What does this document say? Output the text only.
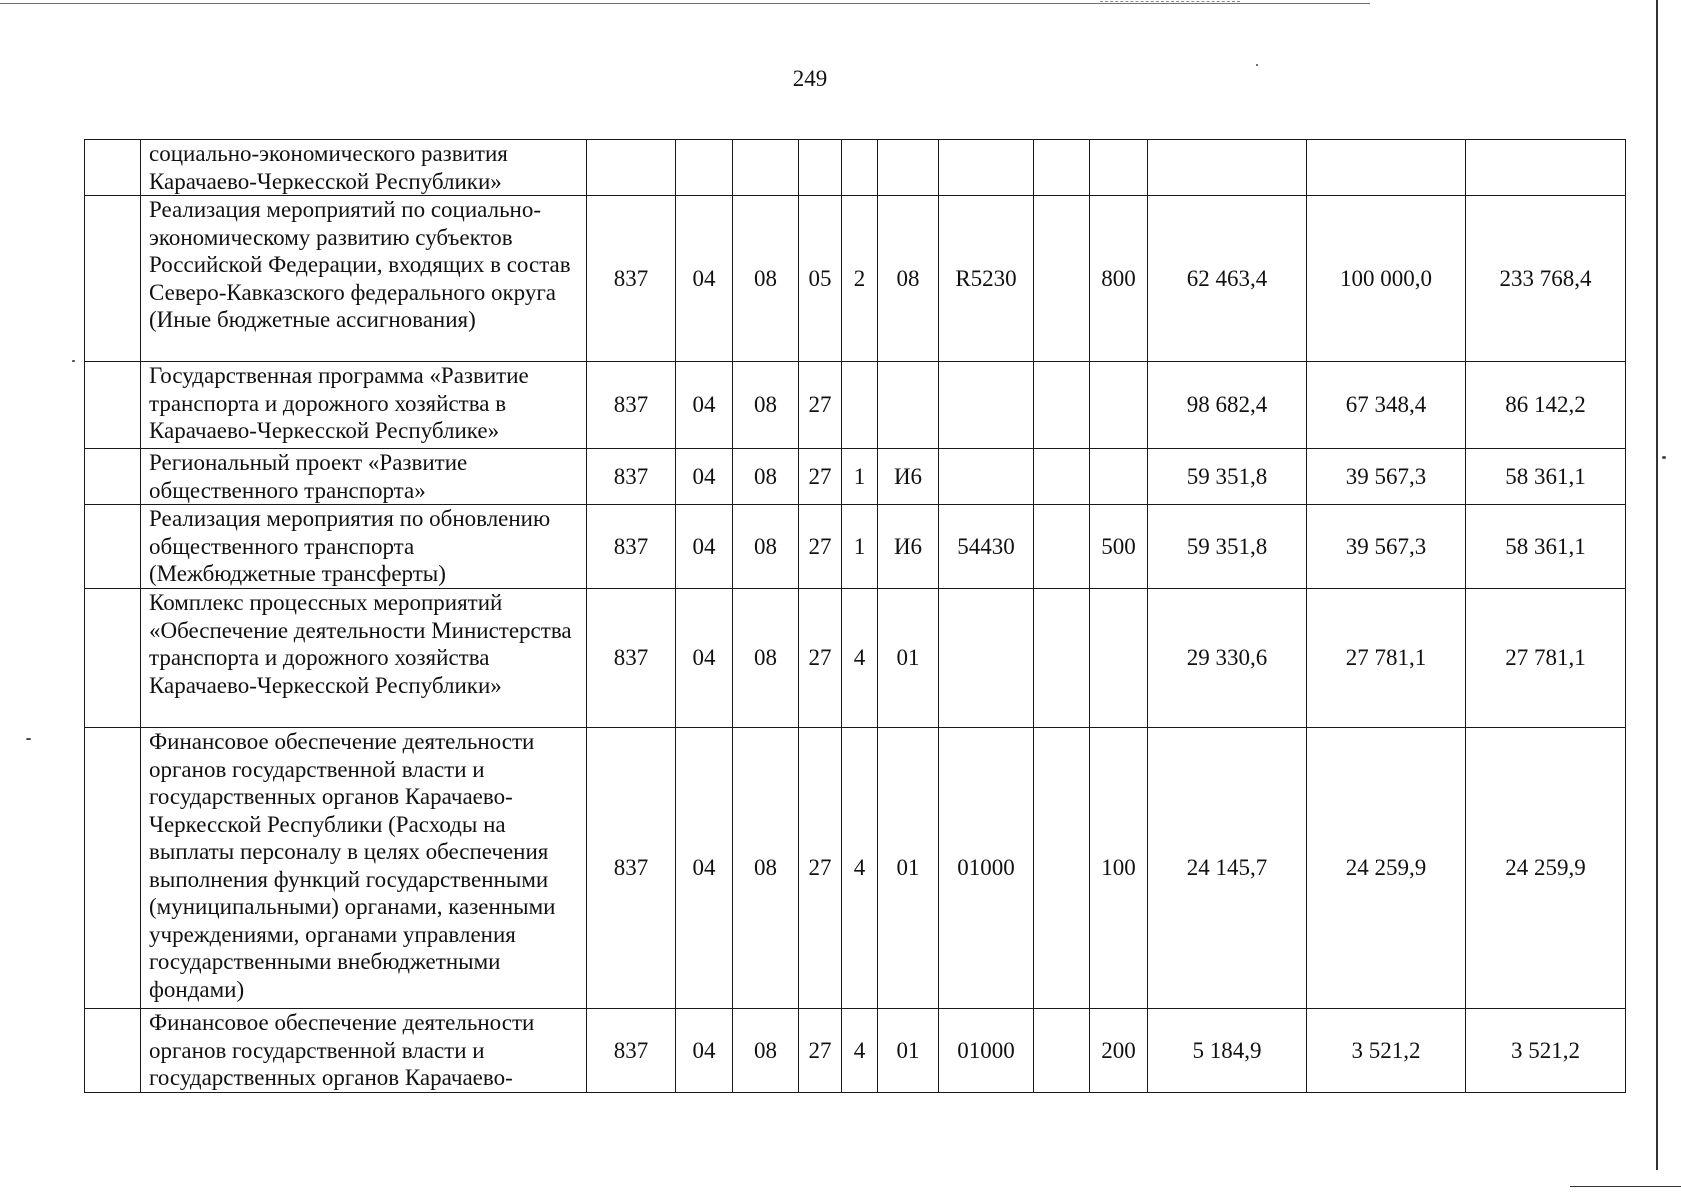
249
	социально-экономического развития Карачаево-Черкесской Республики»												
	Реализация мероприятий по социально-экономическому развитию субъектов Российской Федерации, входящих в состав Северо-Кавказского федерального округа (Иные бюджетные ассигнования)	837	04	08	05	2	08	R5230		800	62 463,4	100 000,0	233 768,4
	Государственная программа «Развитие транспорта и дорожного хозяйства в Карачаево-Черкесской Республике»	837	04	08	27						98 682,4	67 348,4	86 142,2
	Региональный проект «Развитие общественного транспорта»	837	04	08	27	1	И6				59 351,8	39 567,3	58 361,1
	Реализация мероприятия по обновлению общественного транспорта (Межбюджетные трансферты)	837	04	08	27	1	И6	54430		500	59 351,8	39 567,3	58 361,1
	Комплекс процессных мероприятий «Обеспечение деятельности Министерства транспорта и дорожного хозяйства Карачаево-Черкесской Республики»	837	04	08	27	4	01				29 330,6	27 781,1	27 781,1
	Финансовое обеспечение деятельности органов государственной власти и государственных органов Карачаево-Черкесской Республики (Расходы на выплаты персоналу в целях обеспечения выполнения функций государственными (муниципальными) органами, казенными учреждениями, органами управления государственными внебюджетными фондами)	837	04	08	27	4	01	01000		100	24 145,7	24 259,9	24 259,9
	Финансовое обеспечение деятельности органов государственной власти и государственных органов Карачаево-	837	04	08	27	4	01	01000		200	5 184,9	3 521,2	3 521,2
